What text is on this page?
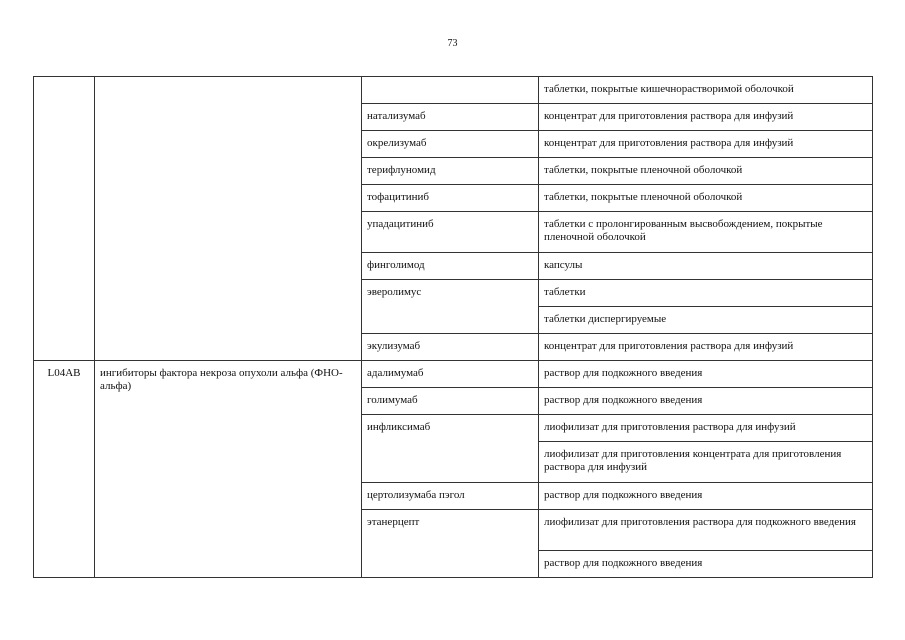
73
			таблетки, покрытые кишечнорастворимой оболочкой
		натализумаб	концентрат для приготовления раствора для инфузий
		окрелизумаб	концентрат для приготовления раствора для инфузий
		терифлуномид	таблетки, покрытые пленочной оболочкой
		тофацитиниб	таблетки, покрытые пленочной оболочкой
		упадацитиниб	таблетки с пролонгированным высвобождением, покрытые пленочной оболочкой
		финголимод	капсулы
		эверолимус	таблетки
			таблетки диспергируемые
		экулизумаб	концентрат для приготовления раствора для инфузий
L04AB	ингибиторы фактора некроза опухоли альфа (ФНО-альфа)	адалимумаб	раствор для подкожного введения
		голимумаб	раствор для подкожного введения
		инфликсимаб	лиофилизат для приготовления раствора для инфузий
			лиофилизат для приготовления концентрата для приготовления раствора для инфузий
		цертолизумаба пэгол	раствор для подкожного введения
		этанерцепт	лиофилизат для приготовления раствора для подкожного введения
			раствор для подкожного введения
